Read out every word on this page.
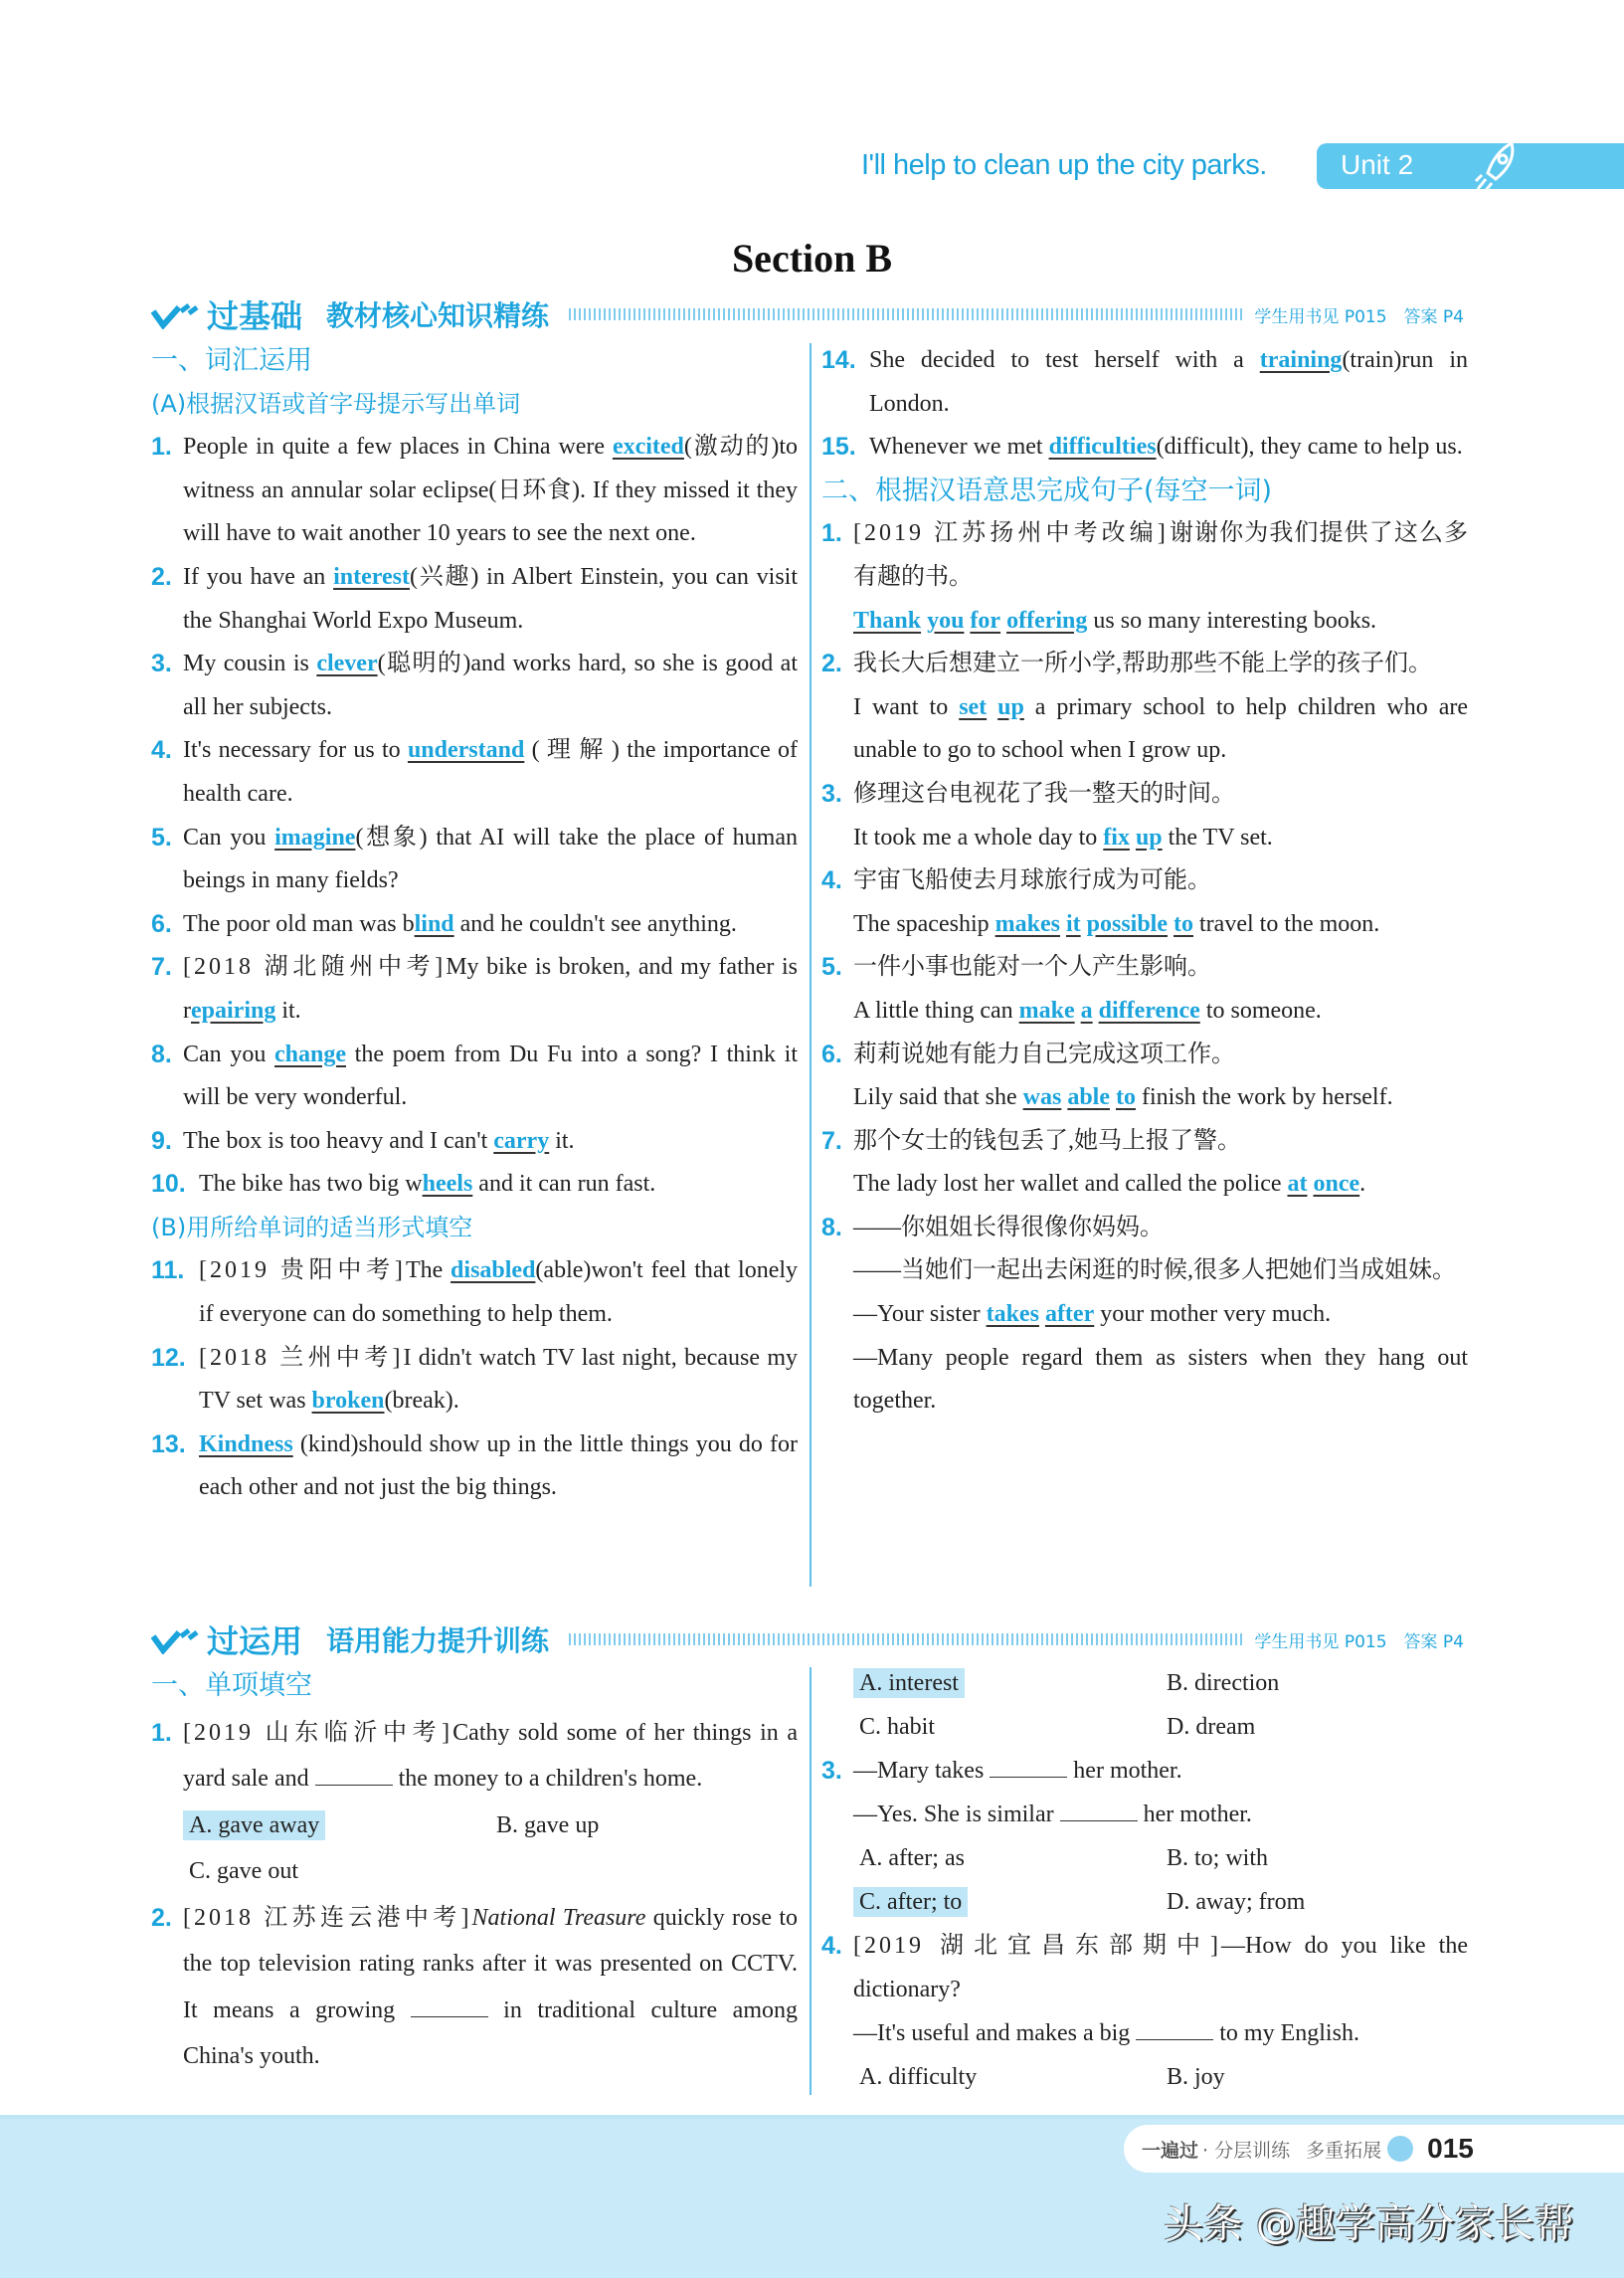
I'll help to clean up the city parks.	Unit 2
Section B
过基础 教材核心知识精练	学生用书见 P015　答案 P4
一、词汇运用
(A)根据汉语或首字母提示写出单词
1. People in quite a few places in China were excited(激动的)to witness an annular solar eclipse(日环食). If they missed it they will have to wait another 10 years to see the next one.
2. If you have an interest(兴趣) in Albert Einstein, you can visit the Shanghai World Expo Museum.
3. My cousin is clever(聪明的)and works hard, so she is good at all her subjects.
4. It's necessary for us to understand ( 理 解 ) the importance of health care.
5. Can you imagine(想象) that AI will take the place of human beings in many fields?
6. The poor old man was blind and he couldn't see anything.
7. [2018 湖北随州中考]My bike is broken, and my father is repairing it.
8. Can you change the poem from Du Fu into a song? I think it will be very wonderful.
9. The box is too heavy and I can't carry it.
10. The bike has two big wheels and it can run fast.
(B)用所给单词的适当形式填空
11. [2019 贵阳中考]The disabled(able)won't feel that lonely if everyone can do something to help them.
12. [2018 兰州中考]I didn't watch TV last night, because my TV set was broken(break).
13. Kindness (kind)should show up in the little things you do for each other and not just the big things.
14. She decided to test herself with a training(train)run in London.
15. Whenever we met difficulties(difficult), they came to help us.
二、根据汉语意思完成句子(每空一词)
1. [2019 江苏扬州中考改编]谢谢你为我们提供了这么多有趣的书。
Thank you for offering us so many interesting books.
2. 我长大后想建立一所小学,帮助那些不能上学的孩子们。
I want to set up a primary school to help children who are unable to go to school when I grow up.
3. 修理这台电视花了我一整天的时间。
It took me a whole day to fix up the TV set.
4. 宇宙飞船使去月球旅行成为可能。
The spaceship makes it possible to travel to the moon.
5. 一件小事也能对一个人产生影响。
A little thing can make a difference to someone.
6. 莉莉说她有能力自己完成这项工作。
Lily said that she was able to finish the work by herself.
7. 那个女士的钱包丢了,她马上报了警。
The lady lost her wallet and called the police at once.
8. ——你姐姐长得很像你妈妈。
——当她们一起出去闲逛的时候,很多人把她们当成姐妹。
—Your sister takes after your mother very much.
—Many people regard them as sisters when they hang out together.
过运用 语用能力提升训练	学生用书见 P015　答案 P4
一、单项填空
1. [2019 山东临沂中考]Cathy sold some of her things in a yard sale and	the money to a children's home.
A. gave away	B. gave up
C. gave out
2. [2018 江苏连云港中考]National Treasure quickly rose to the top television rating ranks after it was presented on CCTV. It means a growing	in traditional culture among China's youth.
A. interest	B. direction
C. habit	D. dream
3. —Mary takes	her mother.
—Yes. She is similar	her mother.
A. after; as	B. to; with
C. after; to	D. away; from
4. [2019 湖北宜昌东部期中]—How do you like the dictionary?
—It's useful and makes a big	to my English.
A. difficulty	B. joy
一遍过 · 分层训练 多重拓展 015
头条 @趣学高分家长帮
